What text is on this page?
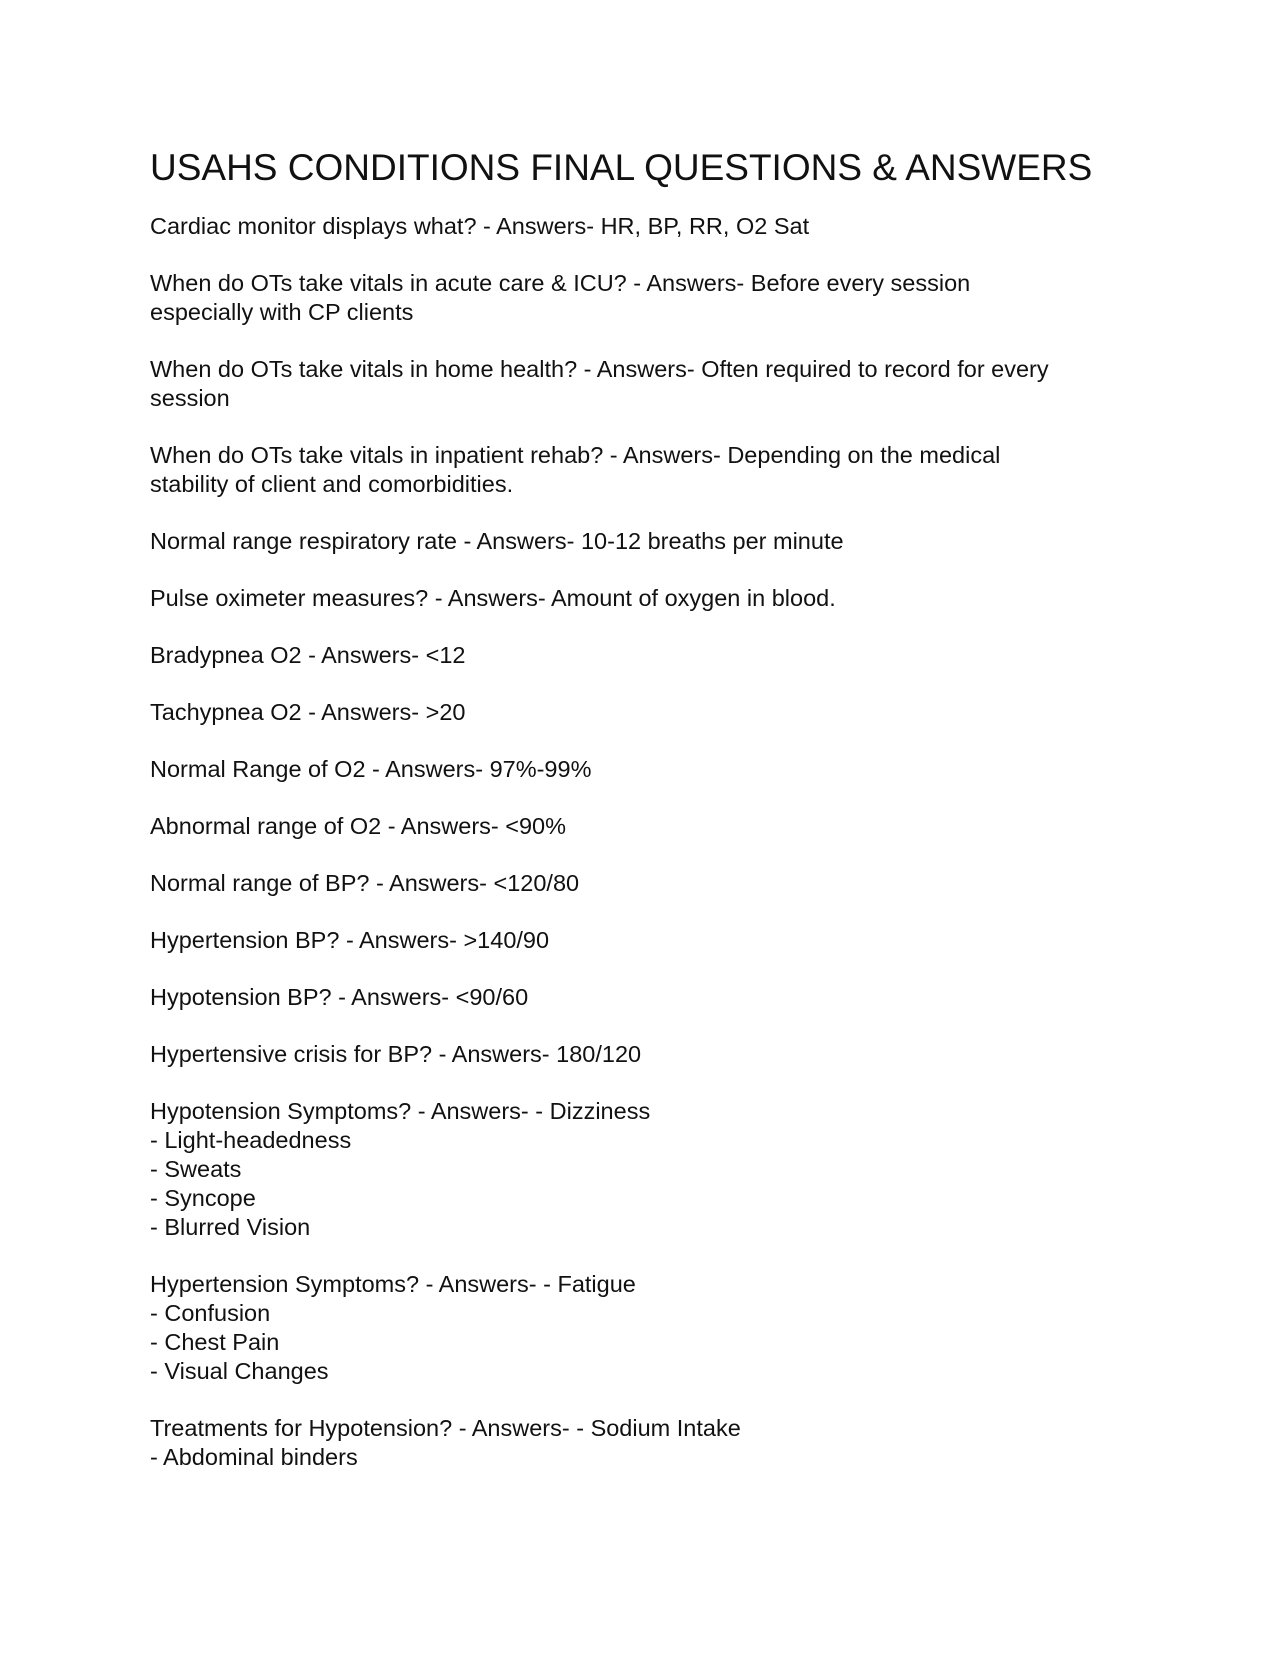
USAHS CONDITIONS FINAL QUESTIONS & ANSWERS
Cardiac monitor displays what? - Answers- HR, BP, RR, O2 Sat
When do OTs take vitals in acute care & ICU? - Answers- Before every session
especially with CP clients
When do OTs take vitals in home health? - Answers- Often required to record for every
session
When do OTs take vitals in inpatient rehab? - Answers- Depending on the medical
stability of client and comorbidities.
Normal range respiratory rate - Answers- 10-12 breaths per minute
Pulse oximeter measures? - Answers- Amount of oxygen in blood.
Bradypnea O2 - Answers- <12
Tachypnea O2 - Answers- >20
Normal Range of O2 - Answers- 97%-99%
Abnormal range of O2 - Answers- <90%
Normal range of BP? - Answers- <120/80
Hypertension BP? - Answers- >140/90
Hypotension BP? - Answers- <90/60
Hypertensive crisis for BP? - Answers- 180/120
Hypotension Symptoms? - Answers- - Dizziness
- Light-headedness
- Sweats
- Syncope
- Blurred Vision
Hypertension Symptoms? - Answers- - Fatigue
- Confusion
- Chest Pain
- Visual Changes
Treatments for Hypotension? - Answers- - Sodium Intake
- Abdominal binders
